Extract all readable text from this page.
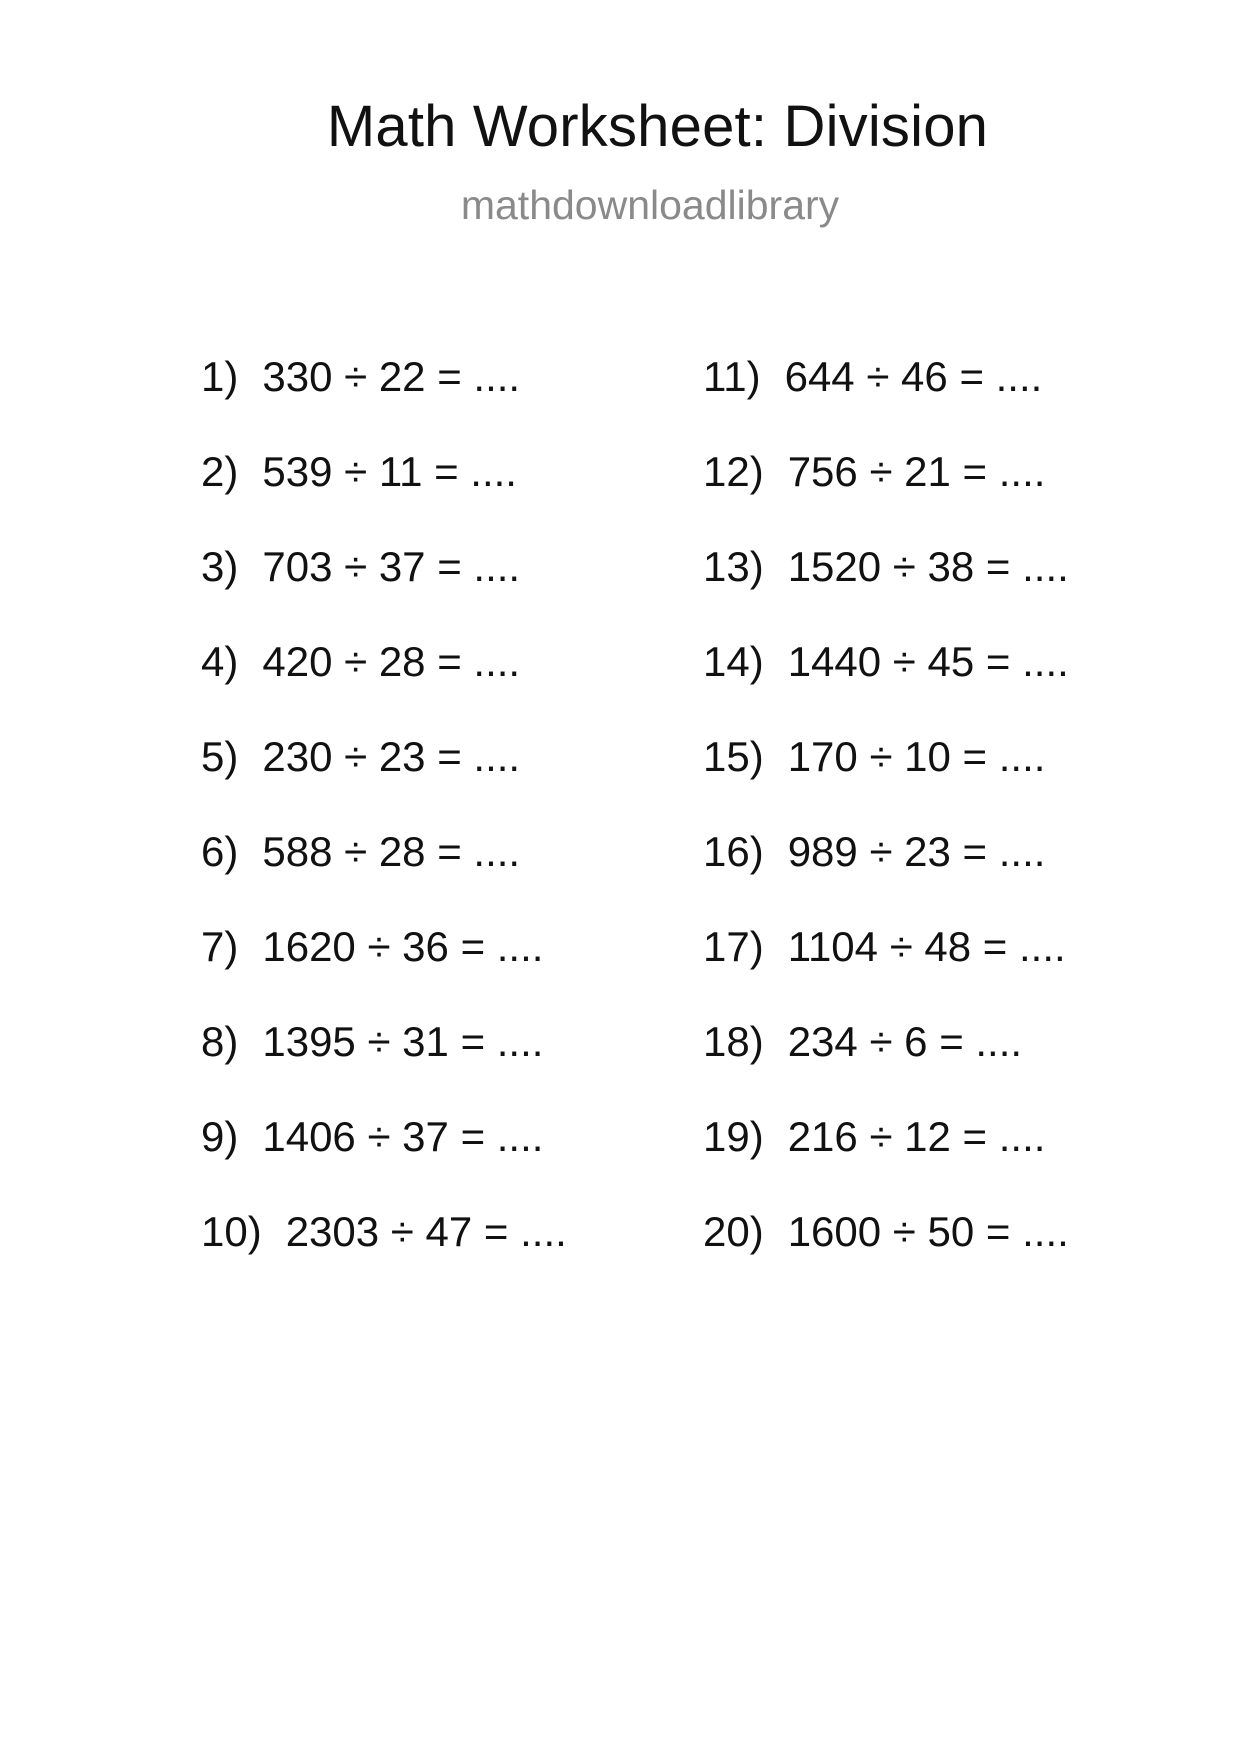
Math Worksheet: Division
mathdownloadlibrary
1) 330 ÷ 22 = ....
2) 539 ÷ 11 = ....
3) 703 ÷ 37 = ....
4) 420 ÷ 28 = ....
5) 230 ÷ 23 = ....
6) 588 ÷ 28 = ....
7) 1620 ÷ 36 = ....
8) 1395 ÷ 31 = ....
9) 1406 ÷ 37 = ....
10) 2303 ÷ 47 = ....
11) 644 ÷ 46 = ....
12) 756 ÷ 21 = ....
13) 1520 ÷ 38 = ....
14) 1440 ÷ 45 = ....
15) 170 ÷ 10 = ....
16) 989 ÷ 23 = ....
17) 1104 ÷ 48 = ....
18) 234 ÷ 6 = ....
19) 216 ÷ 12 = ....
20) 1600 ÷ 50 = ....
